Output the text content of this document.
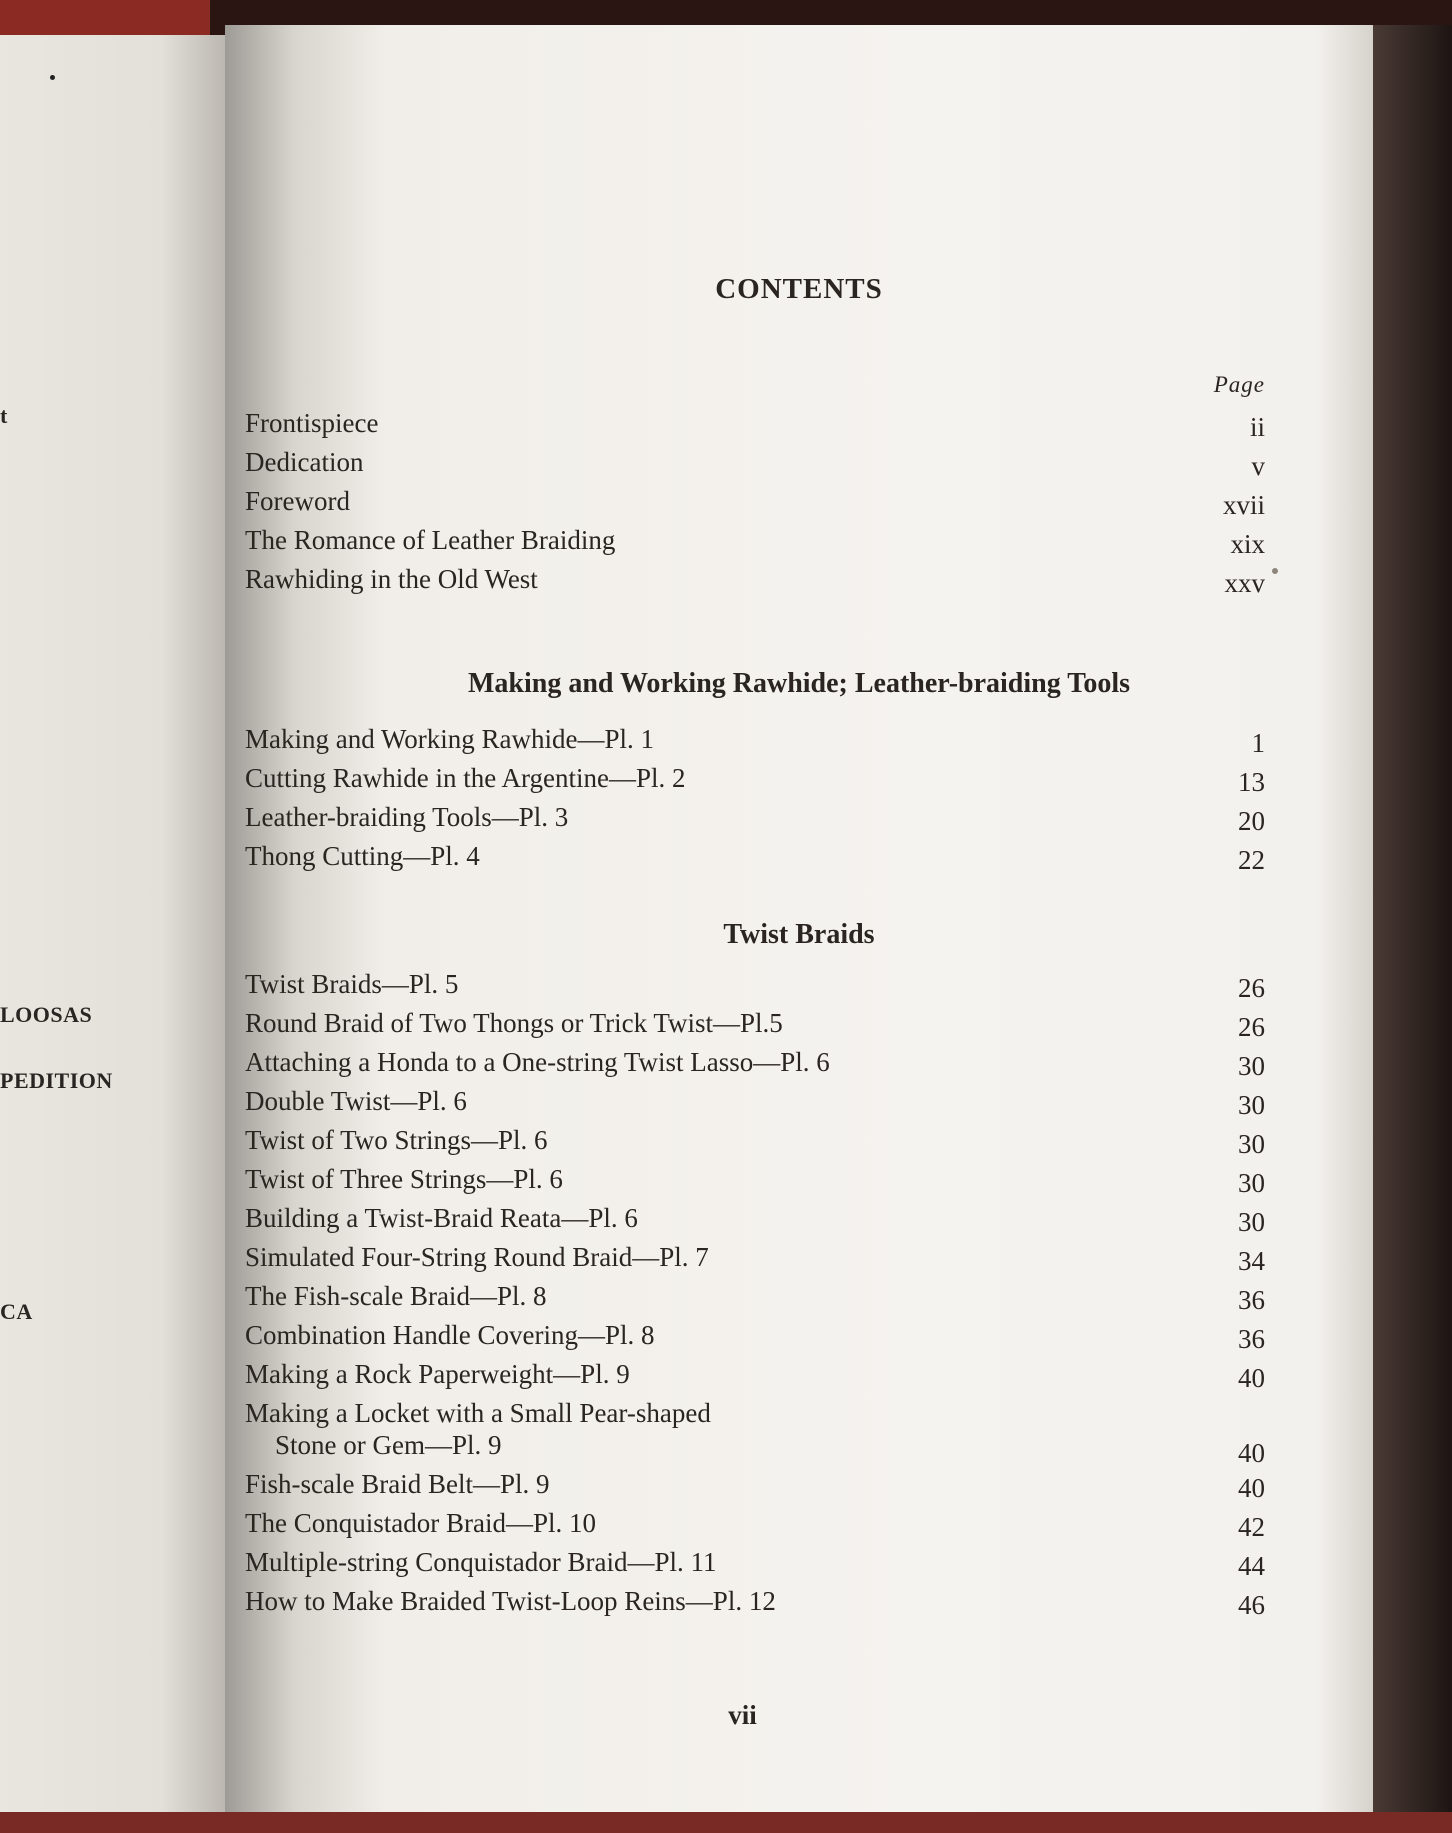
t
LOOSAS
PEDITION
CA
CONTENTS
Page
Frontispiece	ii
Dedication	v
Foreword	xvii
The Romance of Leather Braiding	xix
Rawhiding in the Old West	xxv
Making and Working Rawhide; Leather-braiding Tools
Making and Working Rawhide—Pl. 1	1
Cutting Rawhide in the Argentine—Pl. 2	13
Leather-braiding Tools—Pl. 3	20
Thong Cutting—Pl. 4	22
Twist Braids
Twist Braids—Pl. 5	26
Round Braid of Two Thongs or Trick Twist—Pl.5	26
Attaching a Honda to a One-string Twist Lasso—Pl. 6	30
Double Twist—Pl. 6	30
Twist of Two Strings—Pl. 6	30
Twist of Three Strings—Pl. 6	30
Building a Twist-Braid Reata—Pl. 6	30
Simulated Four-String Round Braid—Pl. 7	34
The Fish-scale Braid—Pl. 8	36
Combination Handle Covering—Pl. 8	36
Making a Rock Paperweight—Pl. 9	40
Making a Locket with a Small Pear-shaped
Stone or Gem—Pl. 9	40
Fish-scale Braid Belt—Pl. 9	40
The Conquistador Braid—Pl. 10	42
Multiple-string Conquistador Braid—Pl. 11	44
How to Make Braided Twist-Loop Reins—Pl. 12	46
vii
